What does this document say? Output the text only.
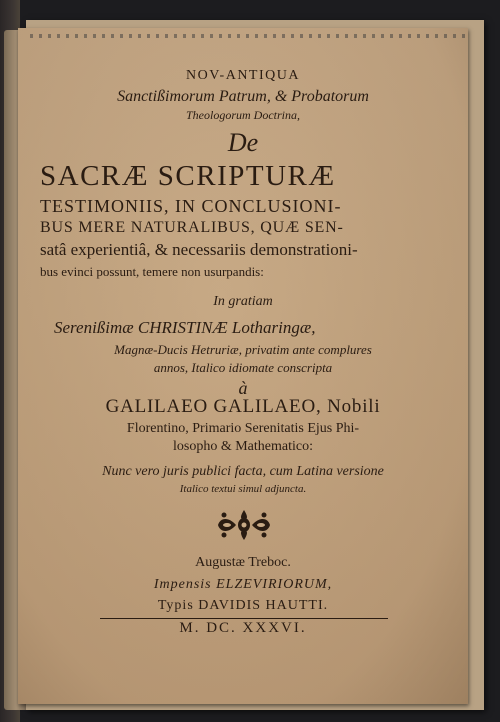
NOV-ANTIQUA
Sanctißimorum Patrum, & Probatorum
Theologorum Doctrina,
De
SACRÆ SCRIPTURÆ
TESTIMONIIS, IN CONCLUSIONI-
BUS MERE NATURALIBUS, QUÆ SEN-
satâ experientiâ, & necessariis demonstrationi-
bus evinci possunt, temere non usurpandis:
In gratiam
Serenißimæ CHRISTINÆ Lotharingæ,
Magnæ-Ducis Hetruriæ, privatim ante complures
annos, Italico idiomate conscripta
à
GALILAEO GALILAEO, Nobili
Florentino, Primario Serenitatis Ejus Phi-
losopho & Mathematico:
Nunc vero juris publici facta, cum Latina versione
Italico textui simul adjuncta.
Augustæ Treboc.
Impensis ELZEVIRIORUM,
Typis DAVIDIS HAUTTI.
M. DC. XXXVI.
